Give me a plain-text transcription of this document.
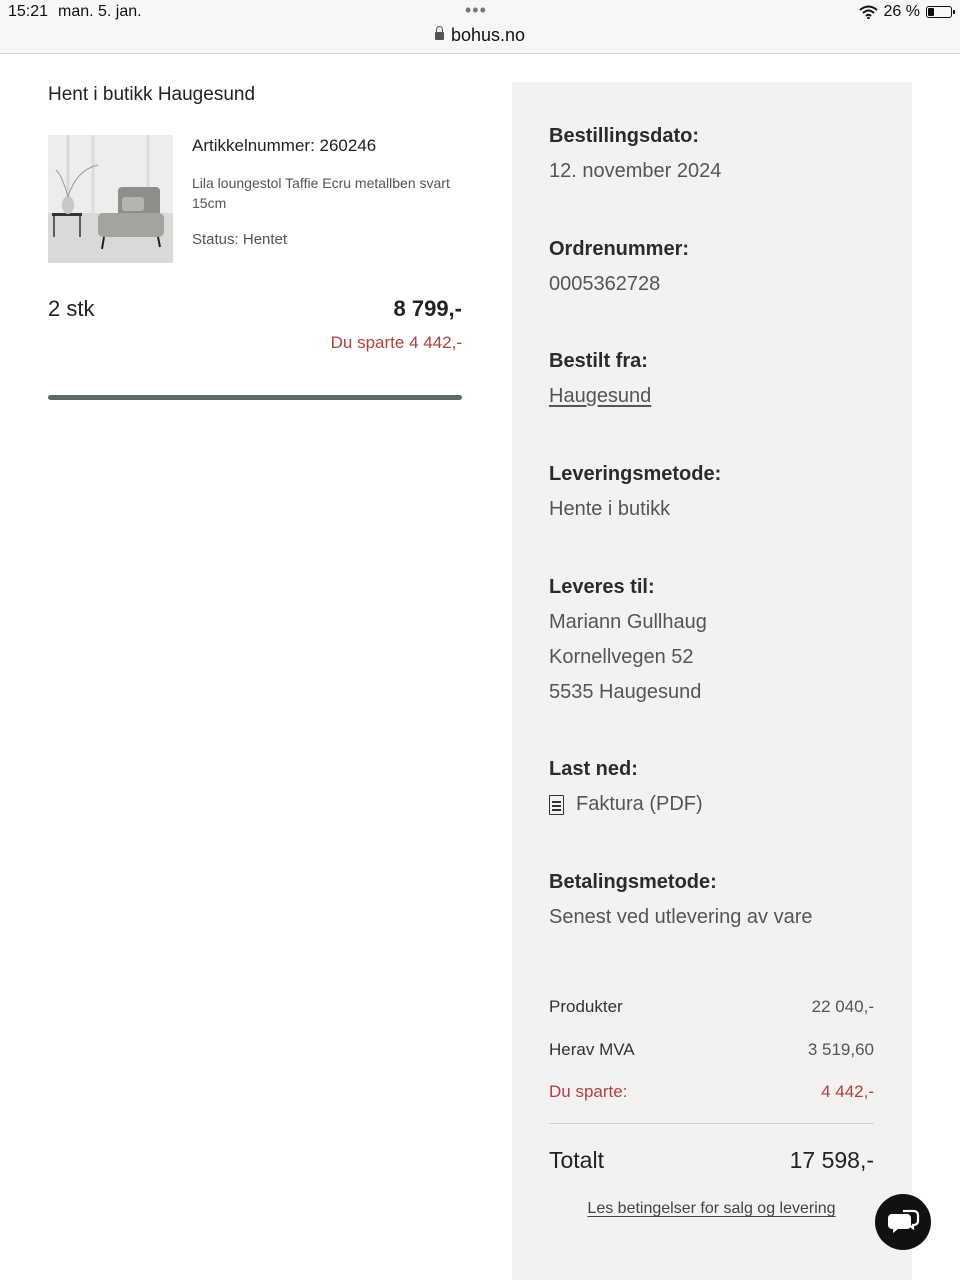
15:21 man. 5. jan.	•••
bohus.no
26 %
Hent i butikk Haugesund
Artikkelnummer: 260246
Lila loungestol Taffie Ecru metallben svart 15cm
Status: Hentet
2 stk	8 799,-
Du sparte 4 442,-
Bestillingsdato:
12. november 2024
Ordrenummer:
0005362728
Bestilt fra:
Haugesund
Leveringsmetode:
Hente i butikk
Leveres til:
Mariann Gullhaug
Kornellvegen 52
5535 Haugesund
Last ned:
Faktura (PDF)
Betalingsmetode:
Senest ved utlevering av vare
Produkter	22 040,-
Herav MVA	3 519,60
Du sparte:	4 442,-
Totalt	17 598,-
Les betingelser for salg og levering
